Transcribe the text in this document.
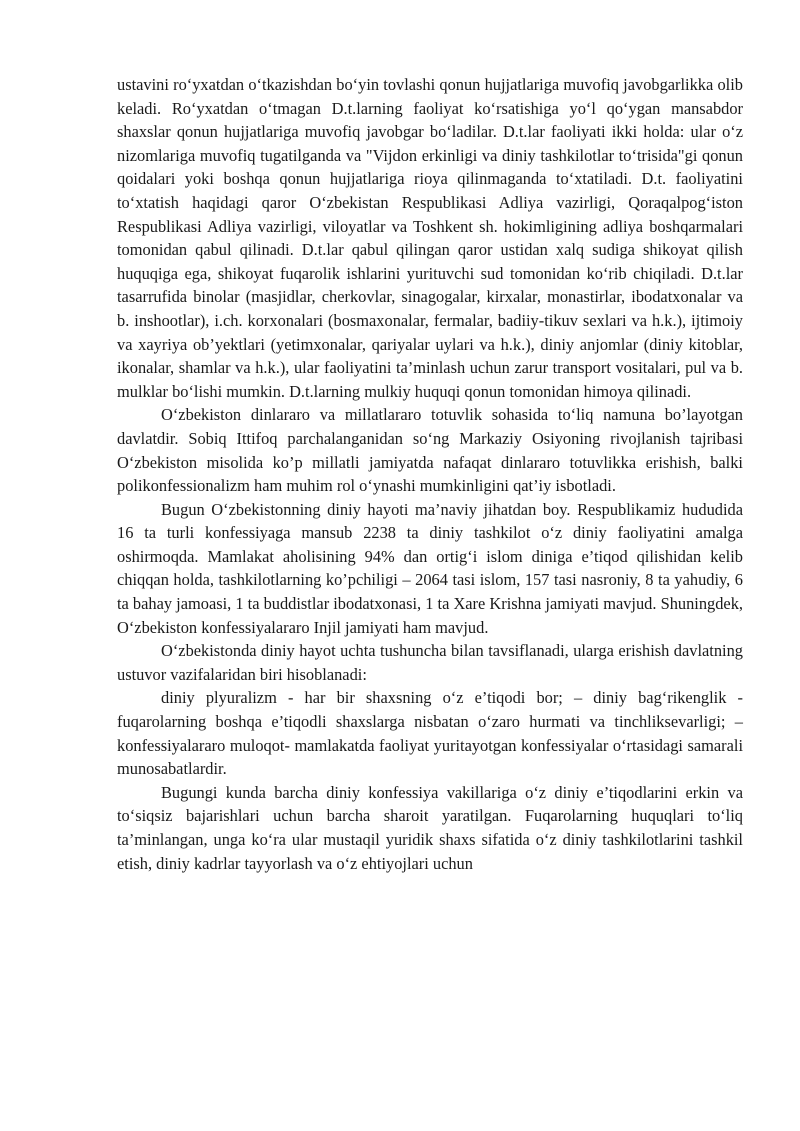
ustavini ro‘yxatdan o‘tkazishdan bo‘yin tovlashi qonun hujjatlariga muvofiq javobgarlikka olib keladi. Ro‘yxatdan o‘tmagan D.t.larning faoliyat ko‘rsatishiga yo‘l qo‘ygan mansabdor shaxslar qonun hujjatlariga muvofiq javobgar bo‘ladilar. D.t.lar faoliyati ikki holda: ular o‘z nizomlariga muvofiq tugatilganda va "Vijdon erkinligi va diniy tashkilotlar to‘trisida"gi qonun qoidalari yoki boshqa qonun hujjatlariga rioya qilinmaganda to‘xtatiladi. D.t. faoliyatini to‘xtatish haqidagi qaror O‘zbekistan Respublikasi Adliya vazirligi, Qoraqalpog‘iston Respublikasi Adliya vazirligi, viloyatlar va Toshkent sh. hokimligining adliya boshqarmalari tomonidan qabul qilinadi. D.t.lar qabul qilingan qaror ustidan xalq sudiga shikoyat qilish huquqiga ega, shikoyat fuqarolik ishlarini yurituvchi sud tomonidan ko‘rib chiqiladi. D.t.lar tasarrufida binolar (masjidlar, cherkovlar, sinagogalar, kirxalar, monastirlar, ibodatxonalar va b. inshootlar), i.ch. korxonalari (bosmaxonalar, fermalar, badiiy-tikuv sexlari va h.k.), ijtimoiy va xayriya ob’yektlari (yetimxonalar, qariyalar uylari va h.k.), diniy anjomlar (diniy kitoblar, ikonalar, shamlar va h.k.), ular faoliyatini ta’minlash uchun zarur transport vositalari, pul va b. mulklar bo‘lishi mumkin. D.t.larning mulkiy huquqi qonun tomonidan himoya qilinadi.

O‘zbekiston dinlararo va millatlararo totuvlik sohasida to‘liq namuna bo’layotgan davlatdir. Sobiq Ittifoq parchalanganidan so‘ng Markaziy Osiyoning rivojlanish tajribasi O‘zbekiston misolida ko’p millatli jamiyatda nafaqat dinlararo totuvlikka erishish, balki polikonfessionalizm ham muhim rol o‘ynashi mumkinligini qat’iy isbotladi.

Bugun O‘zbekistonning diniy hayoti ma’naviy jihatdan boy. Respublikamiz hududida 16 ta turli konfessiyaga mansub 2238 ta diniy tashkilot o‘z diniy faoliyatini amalga oshirmoqda. Mamlakat aholisining 94% dan ortig‘i islom diniga e’tiqod qilishidan kelib chiqqan holda, tashkilotlarning ko’pchiligi – 2064 tasi islom, 157 tasi nasroniy, 8 ta yahudiy, 6 ta bahay jamoasi, 1 ta buddistlar ibodatxonasi, 1 ta Xare Krishna jamiyati mavjud. Shuningdek, O‘zbekiston konfessiyalararo Injil jamiyati ham mavjud.

O‘zbekistonda diniy hayot uchta tushuncha bilan tavsiflanadi, ularga erishish davlatning ustuvor vazifalaridan biri hisoblanadi:

diniy plyuralizm - har bir shaxsning o‘z e’tiqodi bor; – diniy bag‘rikenglik - fuqarolarning boshqa e’tiqodli shaxslarga nisbatan o‘zaro hurmati va tinchliksevarligi; – konfessiyalararo muloqot- mamlakatda faoliyat yuritayotgan konfessiyalar o‘rtasidagi samarali munosabatlardir.

Bugungi kunda barcha diniy konfessiya vakillariga o‘z diniy e’tiqodlarini erkin va to‘siqsiz bajarishlari uchun barcha sharoit yaratilgan. Fuqarolarning huquqlari to‘liq ta’minlangan, unga ko‘ra ular mustaqil yuridik shaxs sifatida o‘z diniy tashkilotlarini tashkil etish, diniy kadrlar tayyorlash va o‘z ehtiyojlari uchun
